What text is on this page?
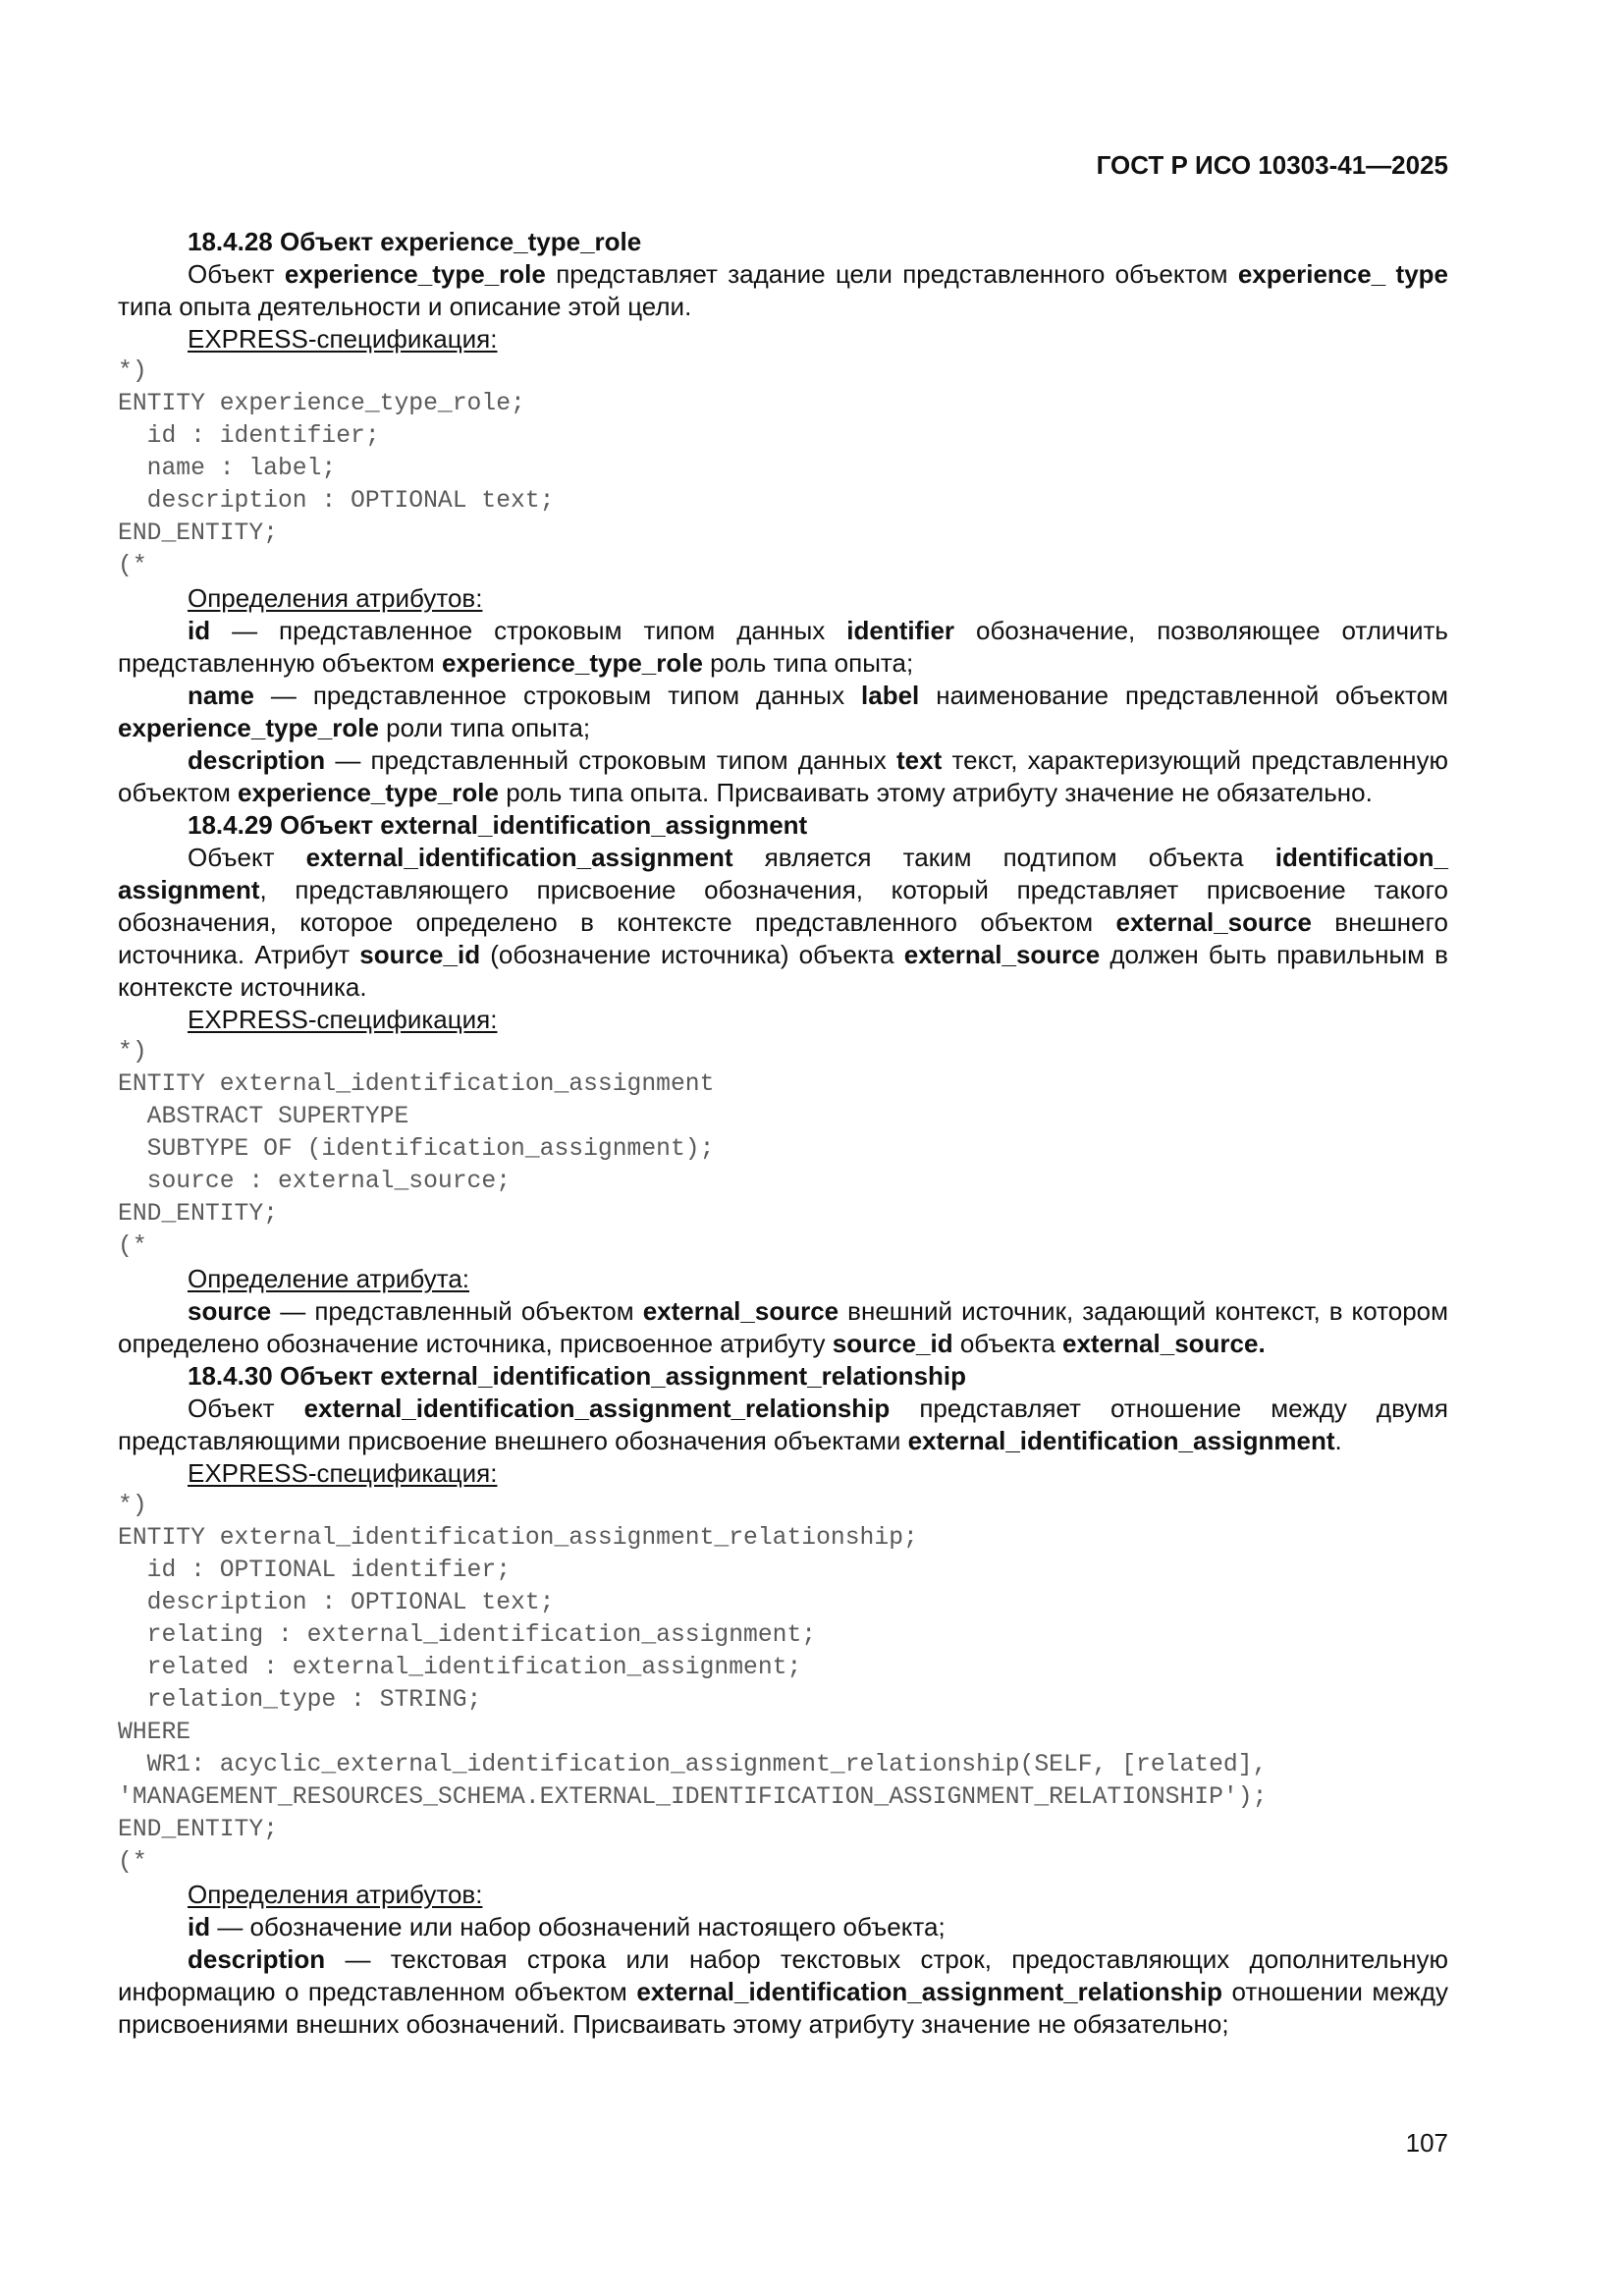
ГОСТ Р ИСО 10303-41—2025

18.4.28 Объект experience_type_role

Объект experience_type_role представляет задание цели представленного объектом experience_ type типа опыта деятельности и описание этой цели.

EXPRESS-спецификация:

*)
ENTITY experience_type_role;
id : identifier;
name : label;
description : OPTIONAL text;
END_ENTITY;
(*

Определения атрибутов:

id — представленное строковым типом данных identifier обозначение, позволяющее отличить представленную объектом experience_type_role роль типа опыта;

name — представленное строковым типом данных label наименование представленной объектом experience_type_role роли типа опыта;

description — представленный строковым типом данных text текст, характеризующий представленную объектом experience_type_role роль типа опыта. Присваивать этому атрибуту значение не обязательно.

18.4.29 Объект external_identification_assignment

Объект external_identification_assignment является таким подтипом объекта identification_ assignment, представляющего присвоение обозначения, который представляет присвоение такого обозначения, которое определено в контексте представленного объектом external_source внешнего источника. Атрибут source_id (обозначение источника) объекта external_source должен быть правильным в контексте источника.

EXPRESS-спецификация:

*)
ENTITY external_identification_assignment
ABSTRACT SUPERTYPE
SUBTYPE OF (identification_assignment);
source : external_source;
END_ENTITY;
(*

Определение атрибута:

source — представленный объектом external_source внешний источник, задающий контекст, в котором определено обозначение источника, присвоенное атрибуту source_id объекта external_source.

18.4.30 Объект external_identification_assignment_relationship

Объект external_identification_assignment_relationship представляет отношение между двумя представляющими присвоение внешнего обозначения объектами external_identification_assignment.

EXPRESS-спецификация:

*)
ENTITY external_identification_assignment_relationship;
id : OPTIONAL identifier;
description : OPTIONAL text;
relating : external_identification_assignment;
related : external_identification_assignment;
relation_type : STRING;
WHERE
WR1: acyclic_external_identification_assignment_relationship(SELF, [related],
'MANAGEMENT_RESOURCES_SCHEMA.EXTERNAL_IDENTIFICATION_ASSIGNMENT_RELATIONSHIP');
END_ENTITY;
(*

Определения атрибутов:

id — обозначение или набор обозначений настоящего объекта;

description — текстовая строка или набор текстовых строк, предоставляющих дополнительную информацию о представленном объектом external_identification_assignment_relationship отношении между присвоениями внешних обозначений. Присваивать этому атрибуту значение не обязательно;

107
